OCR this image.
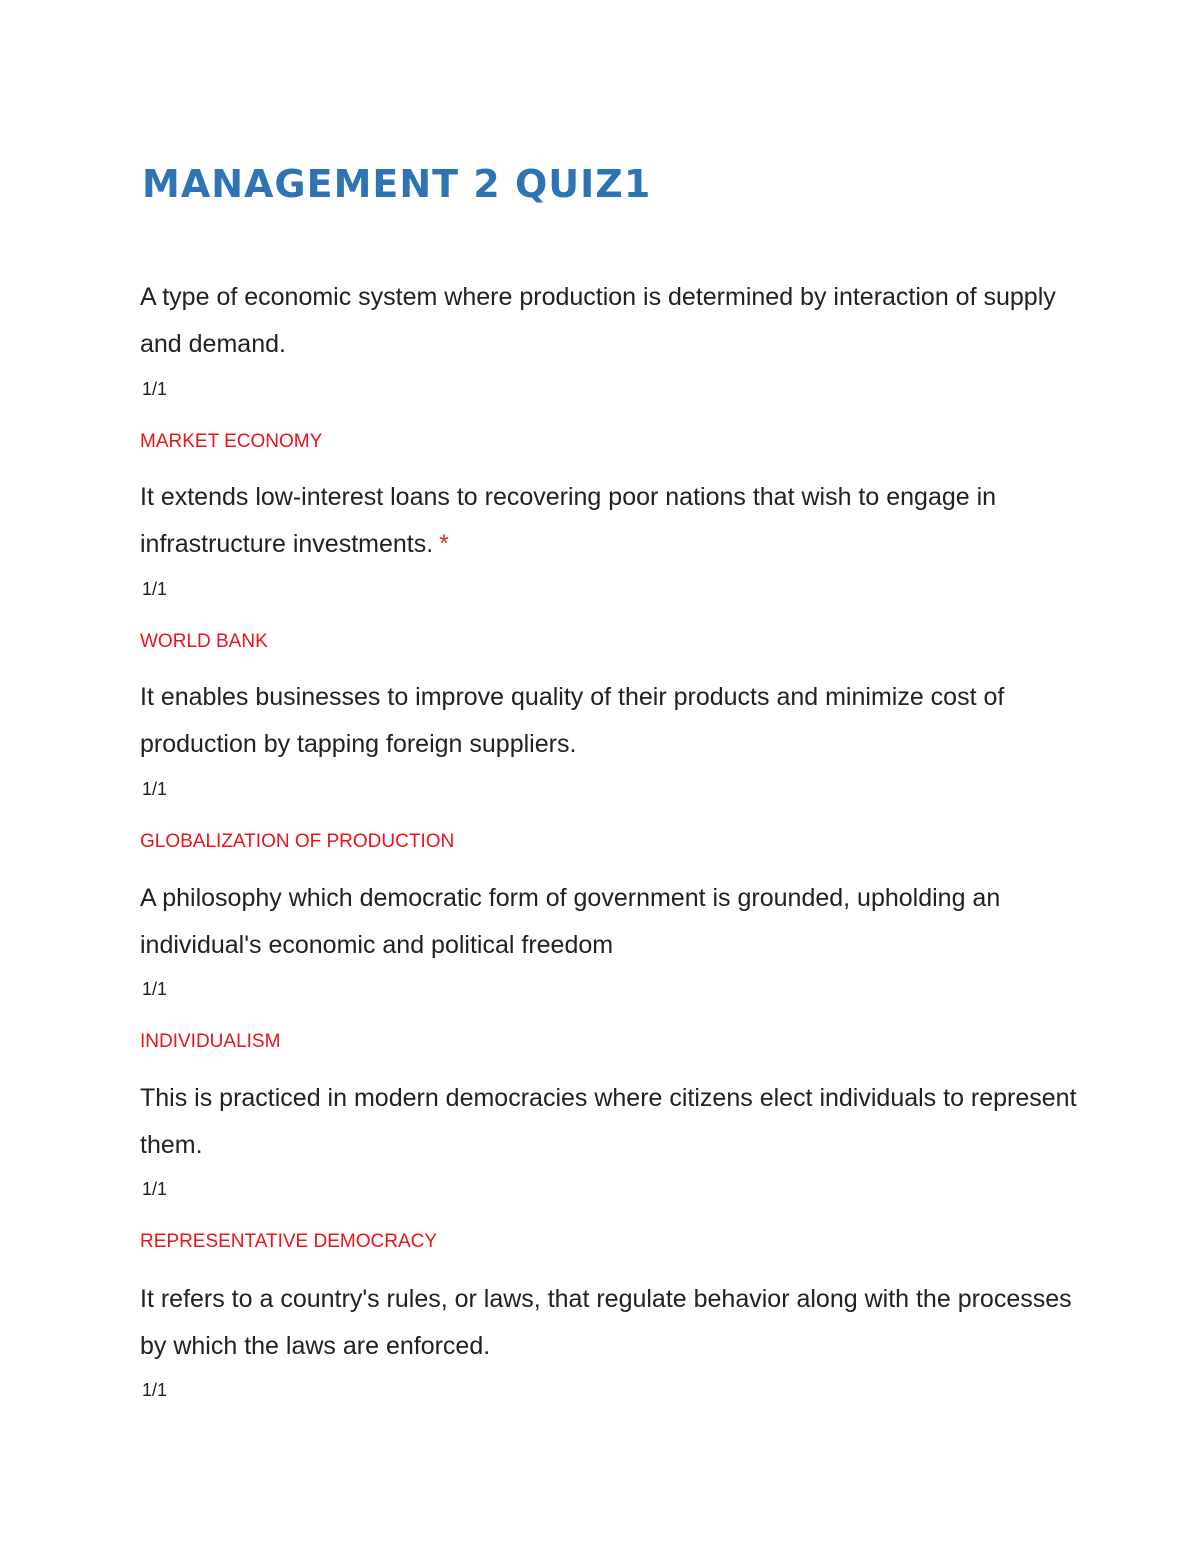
MANAGEMENT 2 QUIZ1

A type of economic system where production is determined by interaction of supply and demand.

1/1

MARKET ECONOMY

It extends low-interest loans to recovering poor nations that wish to engage in infrastructure investments. *

1/1

WORLD BANK

It enables businesses to improve quality of their products and minimize cost of production by tapping foreign suppliers.

1/1

GLOBALIZATION OF PRODUCTION

A philosophy which democratic form of government is grounded, upholding an individual's economic and political freedom

1/1

INDIVIDUALISM

This is practiced in modern democracies where citizens elect individuals to represent them.

1/1

REPRESENTATIVE DEMOCRACY

It refers to a country's rules, or laws, that regulate behavior along with the processes by which the laws are enforced.

1/1
